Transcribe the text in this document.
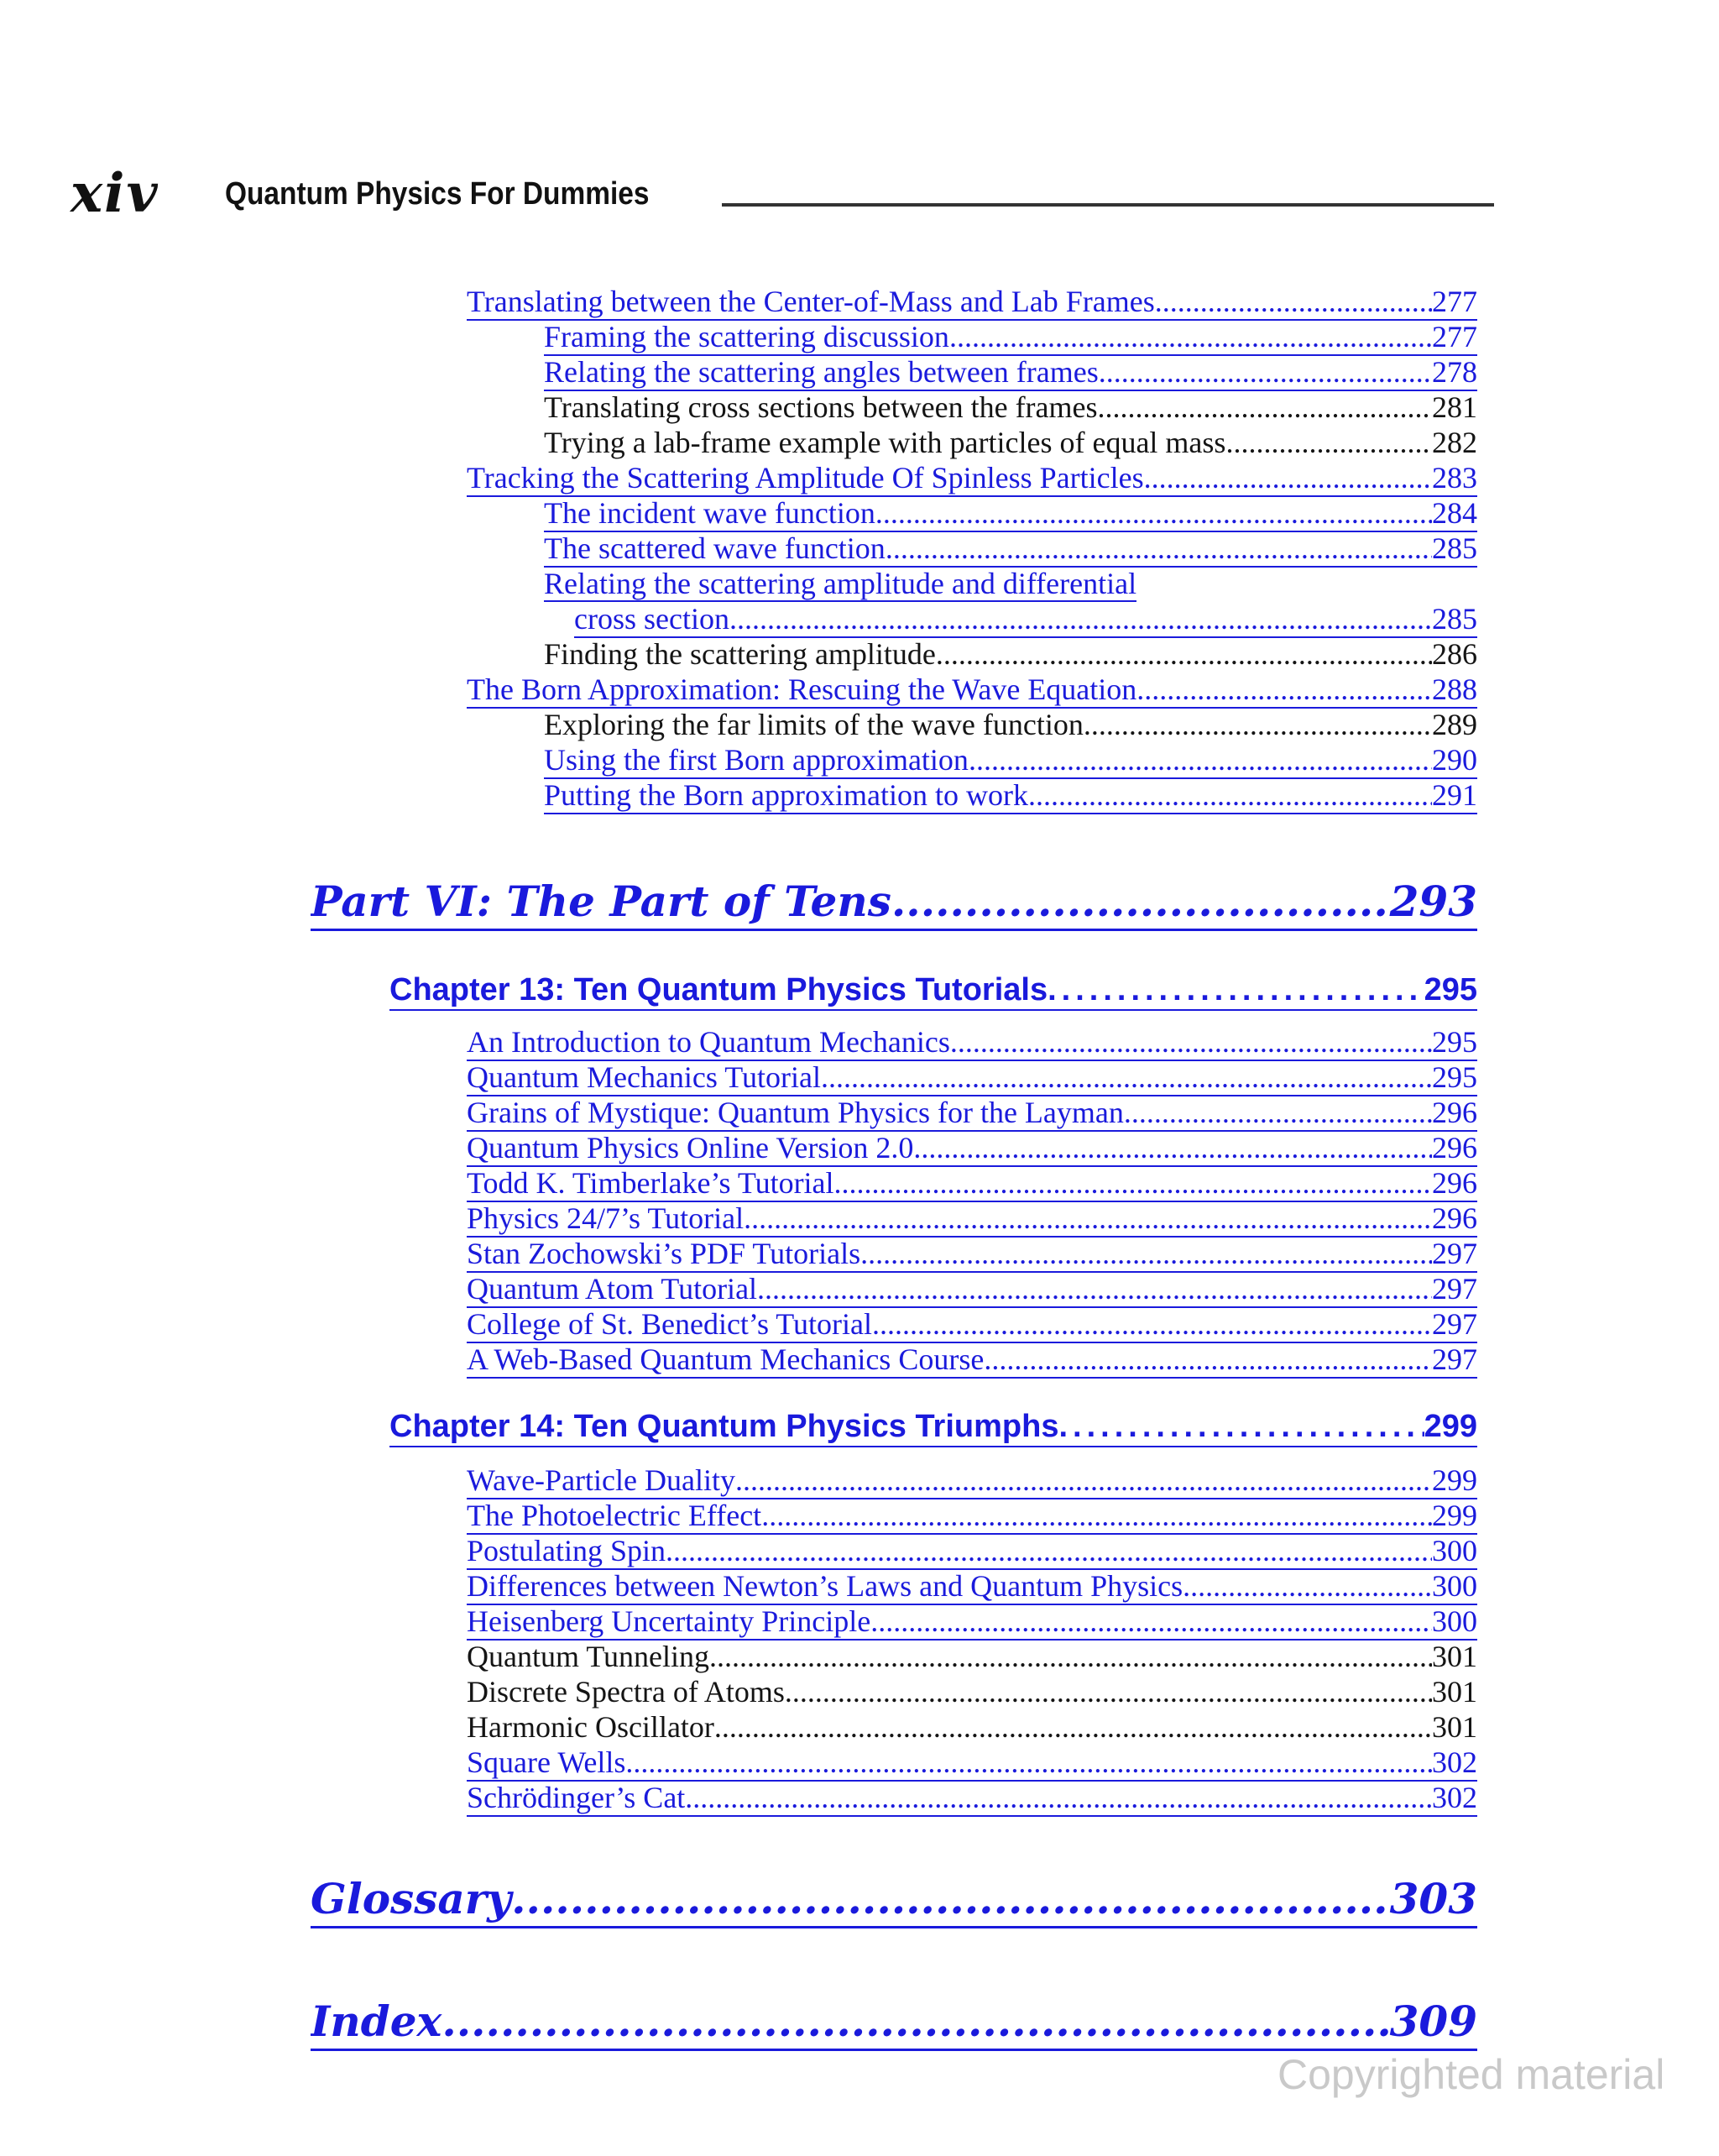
xiv Quantum Physics For Dummies
Translating between the Center-of-Mass and Lab Frames .....	277
Framing the scattering discussion .....	277
Relating the scattering angles between frames .....	278
Translating cross sections between the frames .....	281
Trying a lab-frame example with particles of equal mass .....	282
Tracking the Scattering Amplitude Of Spinless Particles .....	283
The incident wave function .....	284
The scattered wave function .....	285
Relating the scattering amplitude and differential
cross section .....	285
Finding the scattering amplitude .....	286
The Born Approximation: Rescuing the Wave Equation .....	288
Exploring the far limits of the wave function .....	289
Using the first Born approximation .....	290
Putting the Born approximation to work .....	291
Part VI: The Part of Tens .....	293
Chapter 13: Ten Quantum Physics Tutorials .....	295
An Introduction to Quantum Mechanics .....	295
Quantum Mechanics Tutorial .....	295
Grains of Mystique: Quantum Physics for the Layman .....	296
Quantum Physics Online Version 2.0 .....	296
Todd K. Timberlake’s Tutorial .....	296
Physics 24/7’s Tutorial .....	296
Stan Zochowski’s PDF Tutorials .....	297
Quantum Atom Tutorial .....	297
College of St. Benedict’s Tutorial .....	297
A Web-Based Quantum Mechanics Course .....	297
Chapter 14: Ten Quantum Physics Triumphs .....	299
Wave-Particle Duality .....	299
The Photoelectric Effect .....	299
Postulating Spin .....	300
Differences between Newton’s Laws and Quantum Physics .....	300
Heisenberg Uncertainty Principle .....	300
Quantum Tunneling .....	301
Discrete Spectra of Atoms .....	301
Harmonic Oscillator .....	301
Square Wells .....	302
Schrödinger’s Cat .....	302
Glossary .....	303
Index .....	309
Copyrighted material
